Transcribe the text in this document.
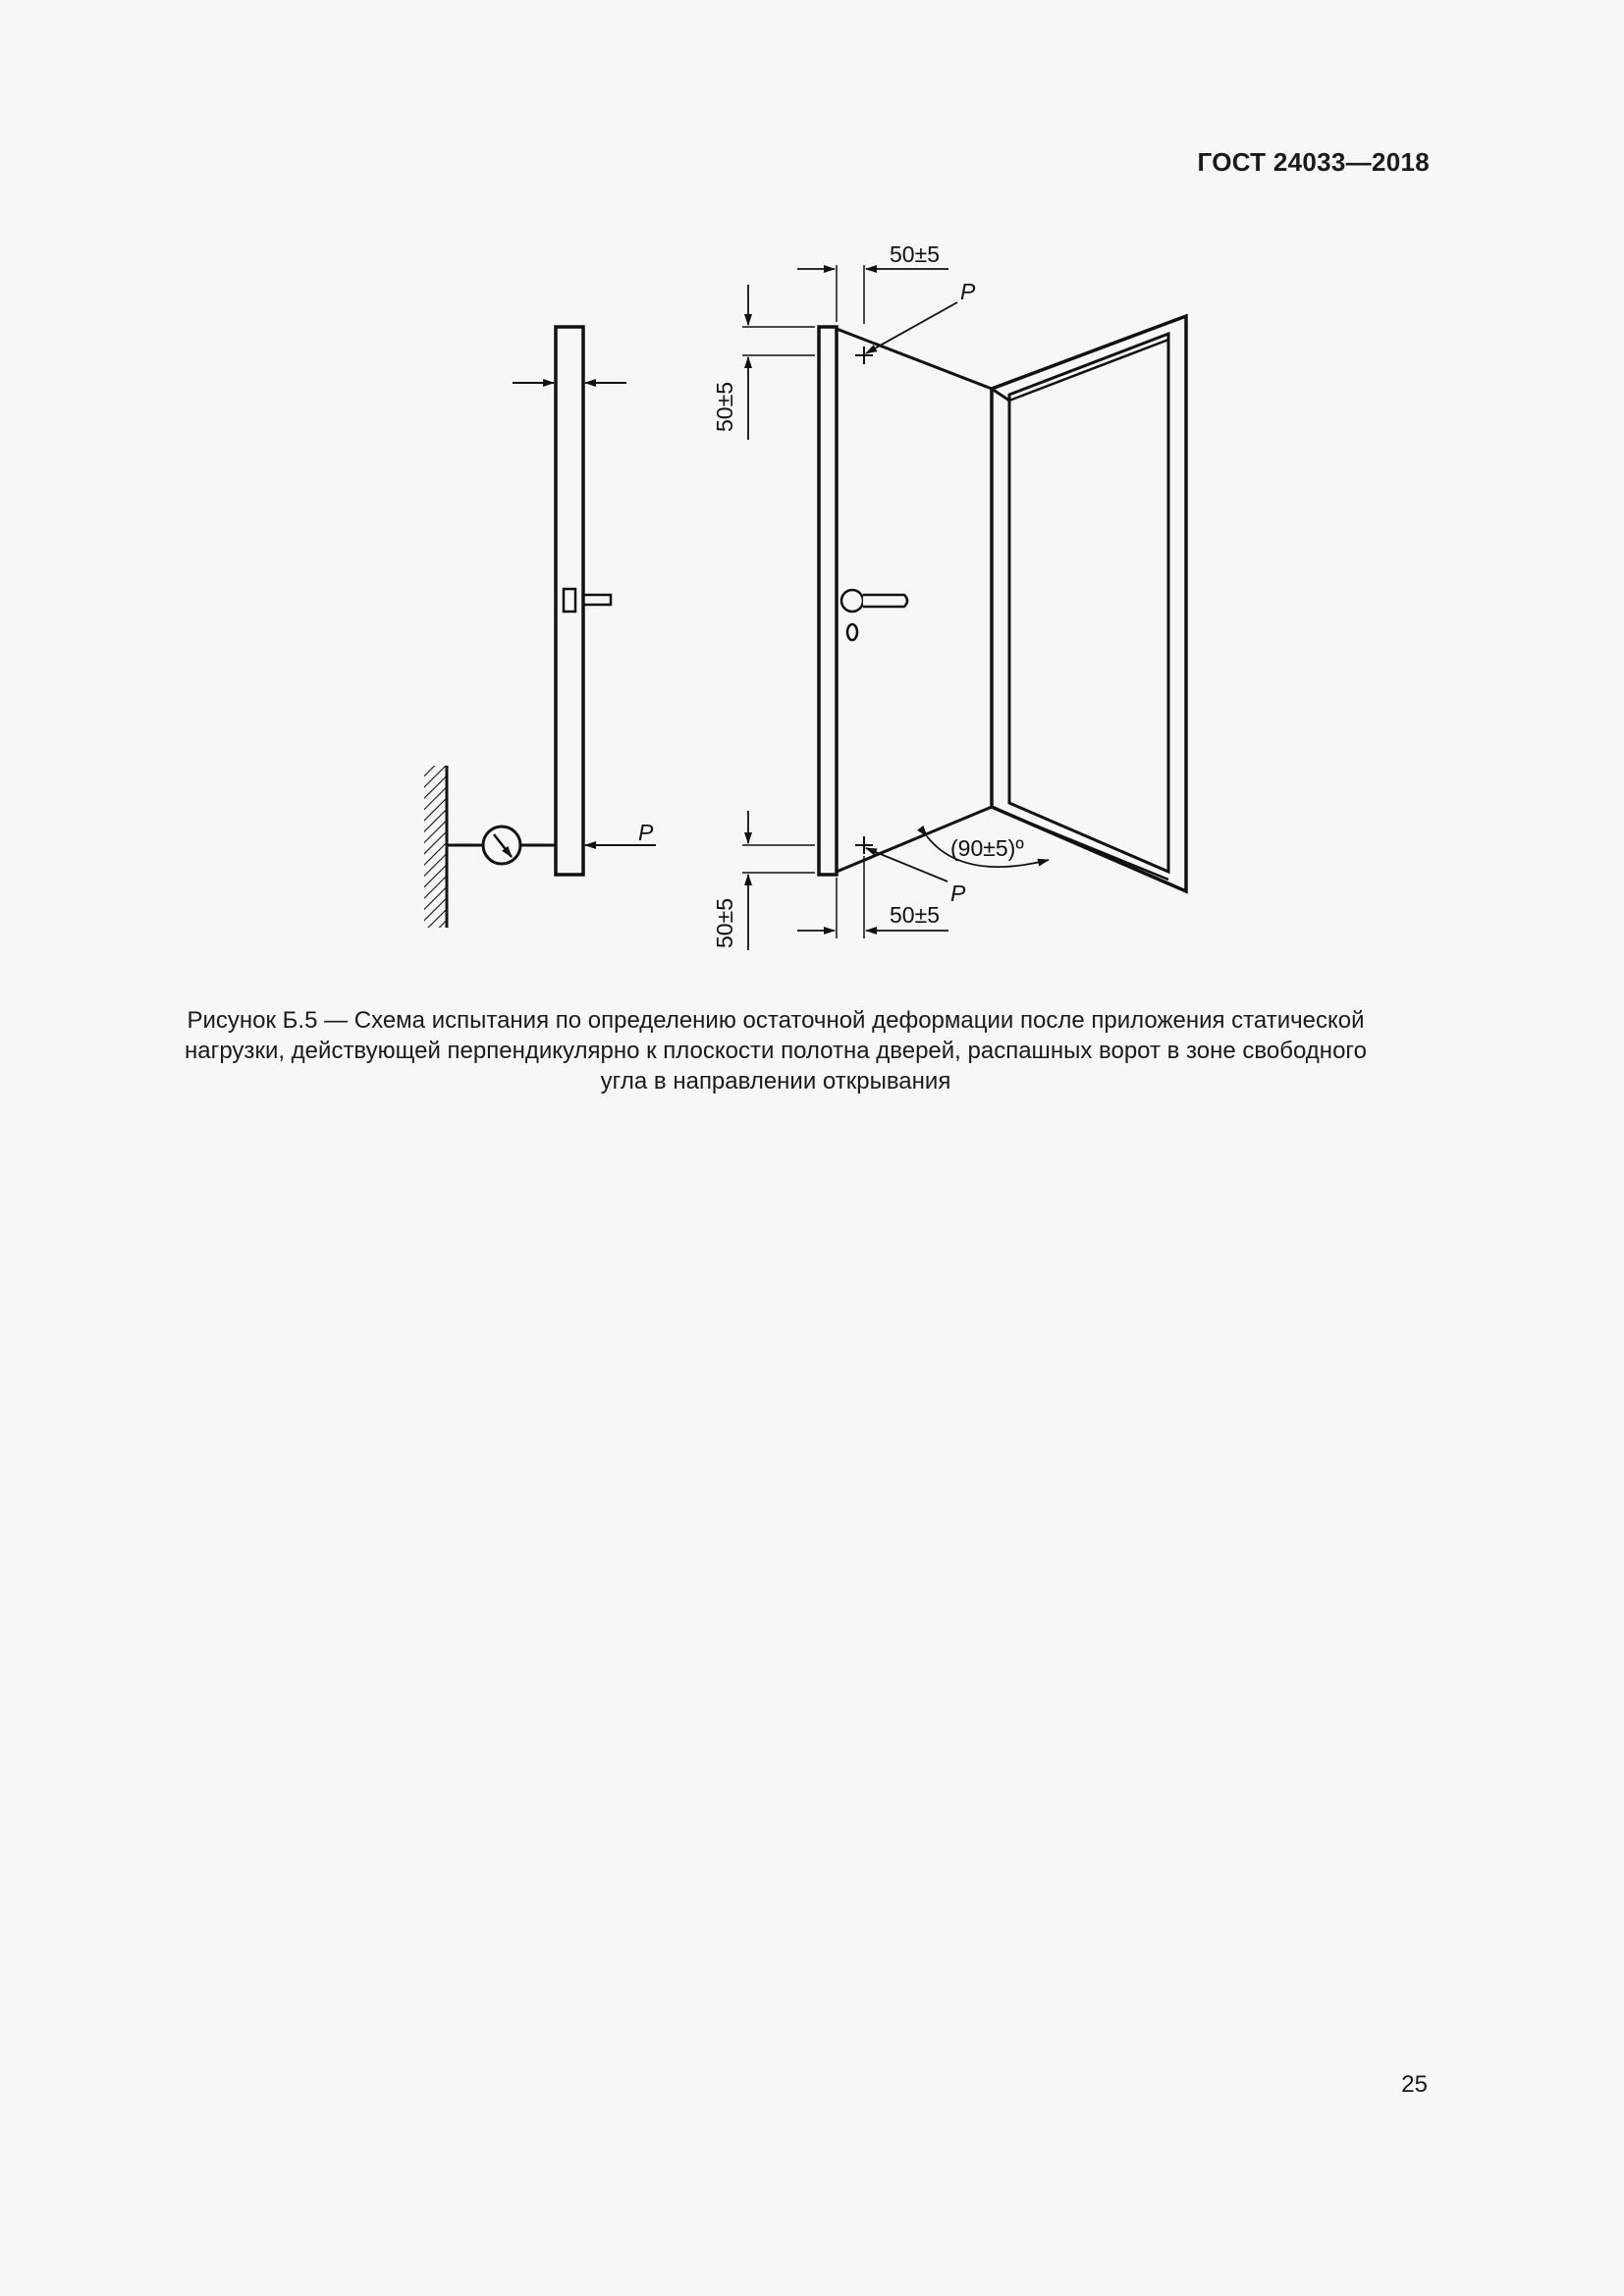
ГОСТ 24033—2018
P
P
P
50±5
50±5
50±5	50±5
(90±5)º
Рисунок Б.5 — Схема испытания по определению остаточной деформации после приложения статической
нагрузки, действующей перпендикулярно к плоскости полотна дверей, распашных ворот в зоне свободного
угла в направлении открывания
25
